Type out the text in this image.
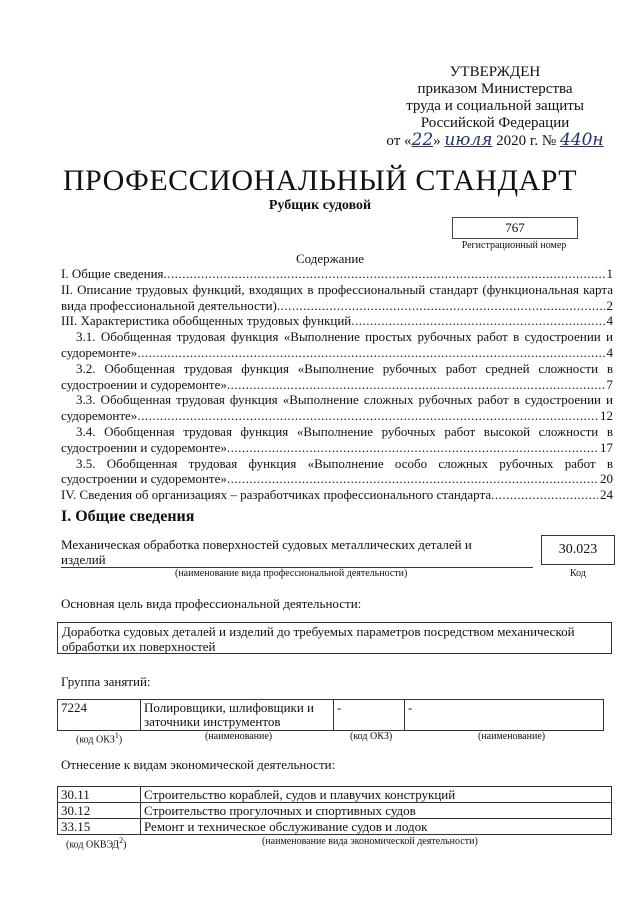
УТВЕРЖДЕН
приказом Министерства
труда и социальной защиты
Российской Федерации
от «22» июля 2020 г. № 440н
ПРОФЕССИОНАЛЬНЫЙ СТАНДАРТ
Рубщик судовой
767
Регистрационный номер
Содержание
I. Общие сведения .....	1
II. Описание трудовых функций, входящих в профессиональный стандарт (функциональная карта
вида профессиональной деятельности) .....	2
III. Характеристика обобщенных трудовых функций .....	4
3.1. Обобщенная трудовая функция «Выполнение простых рубочных работ в судостроении и
судоремонте» .....	4
3.2. Обобщенная трудовая функция «Выполнение рубочных работ средней сложности в
судостроении и судоремонте» .....	7
3.3. Обобщенная трудовая функция «Выполнение сложных рубочных работ в судостроении и
судоремонте» .....	12
3.4. Обобщенная трудовая функция «Выполнение рубочных работ высокой сложности в
судостроении и судоремонте» .....	17
3.5. Обобщенная трудовая функция «Выполнение особо сложных рубочных работ в
судостроении и судоремонте» .....	20
IV. Сведения об организациях – разработчиках профессионального стандарта .....	24
I. Общие сведения
Механическая обработка поверхностей судовых металлических деталей и
изделий
(наименование вида профессиональной деятельности)
30.023
Код
Основная цель вида профессиональной деятельности:
Доработка судовых деталей и изделий до требуемых параметров посредством механической
обработки их поверхностей
Группа занятий:
7224	Полировщики, шлифовщики и
заточники инструментов
	-	-
(код ОКЗ$^1$)	(наименование)	(код ОКЗ)	(наименование)
Отнесение к видам экономической деятельности:
30.11	Строительство кораблей, судов и плавучих конструкций
30.12	Строительство прогулочных и спортивных судов
33.15	Ремонт и техническое обслуживание судов и лодок
(код ОКВЭД$^2$)	(наименование вида экономической деятельности)
